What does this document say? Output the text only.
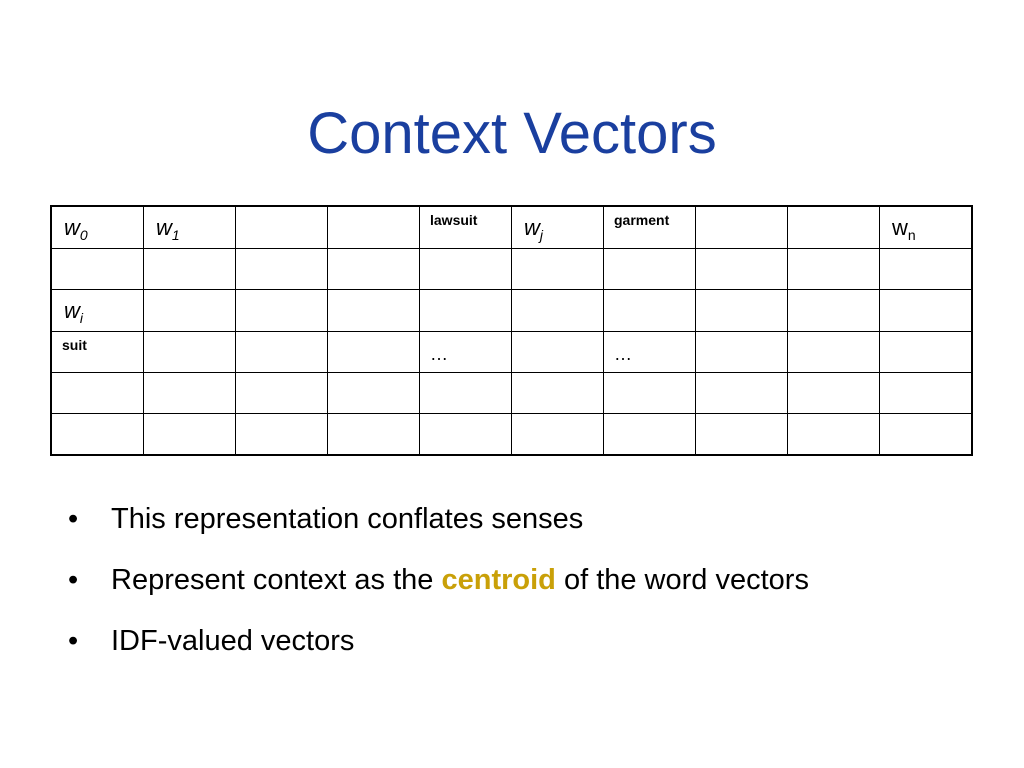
Context Vectors
$w_0$	$w_1$			lawsuit	$w_j$	garment			$w_n$

$w_i$									
suit				…		…			

• This representation conflates senses
• Represent context as the centroid of the word vectors
• IDF-valued vectors
